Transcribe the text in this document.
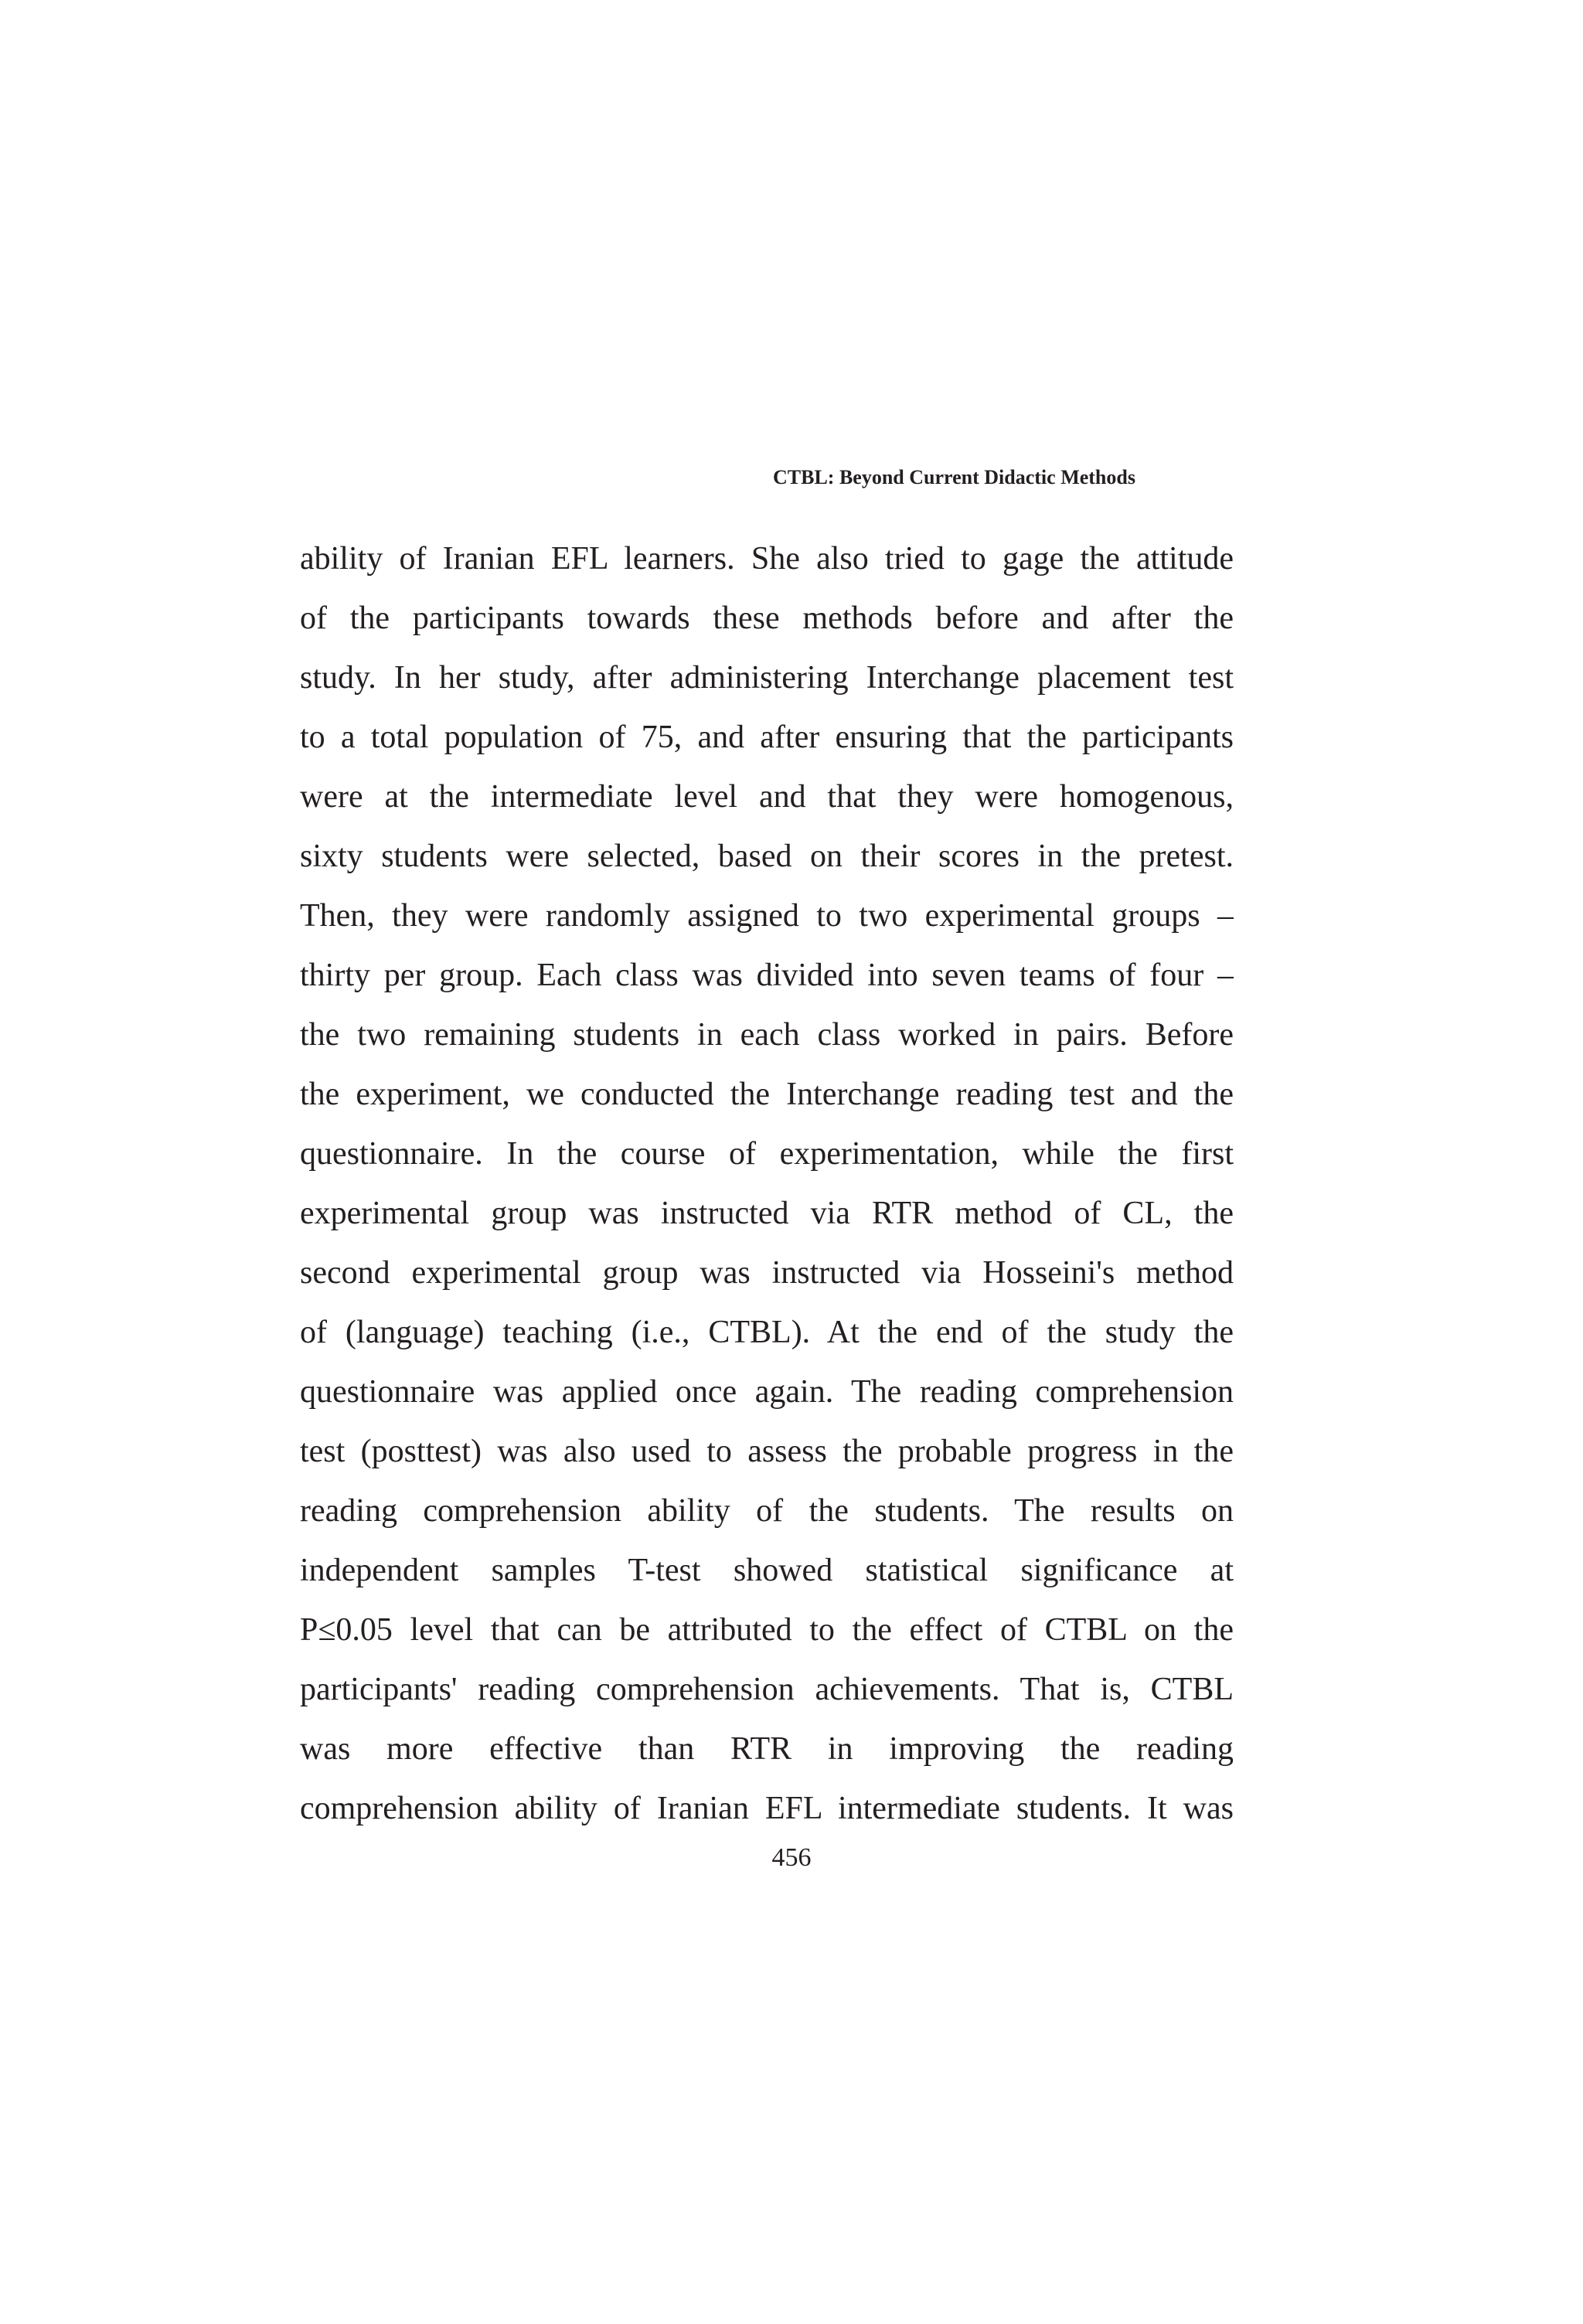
CTBL: Beyond Current Didactic Methods
ability of Iranian EFL learners. She also tried to gage the attitude
of the participants towards these methods before and after the
study. In her study, after administering Interchange placement test
to a total population of 75, and after ensuring that the participants
were at the intermediate level and that they were homogenous,
sixty students were selected, based on their scores in the pretest.
Then, they were randomly assigned to two experimental groups –
thirty per group. Each class was divided into seven teams of four –
the two remaining students in each class worked in pairs. Before
the experiment, we conducted the Interchange reading test and the
questionnaire. In the course of experimentation, while the first
experimental group was instructed via RTR method of CL, the
second experimental group was instructed via Hosseini's method
of (language) teaching (i.e., CTBL). At the end of the study the
questionnaire was applied once again. The reading comprehension
test (posttest) was also used to assess the probable progress in the
reading comprehension ability of the students. The results on
independent samples T-test showed statistical significance at
P≤0.05 level that can be attributed to the effect of CTBL on the
participants' reading comprehension achievements. That is, CTBL
was more effective than RTR in improving the reading
comprehension ability of Iranian EFL intermediate students. It was
456
